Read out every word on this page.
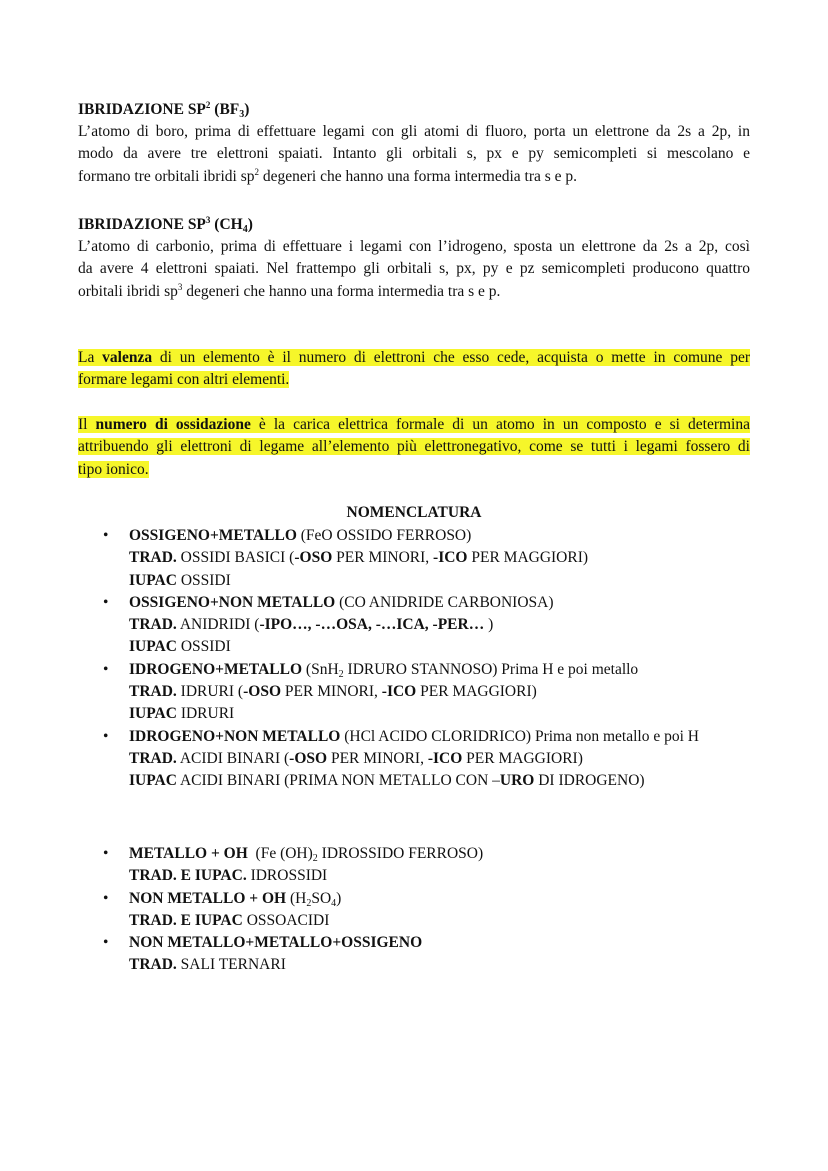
IBRIDAZIONE $SP^2$ $(BF_3)$
L’atomo di boro, prima di effettuare legami con gli atomi di fluoro, porta un elettrone da 2s a 2p, in
modo da avere tre elettroni spaiati. Intanto gli orbitali s, px e py semicompleti si mescolano e
formano tre orbitali ibridi $sp^2$ degeneri che hanno una forma intermedia tra s e p.
IBRIDAZIONE $SP^3$ $(CH_4)$
L’atomo di carbonio, prima di effettuare i legami con l’idrogeno, sposta un elettrone da 2s a 2p, così
da avere 4 elettroni spaiati. Nel frattempo gli orbitali s, px, py e pz semicompleti producono quattro
orbitali ibridi $sp^3$ degeneri che hanno una forma intermedia tra s e p.
La valenza di un elemento è il numero di elettroni che esso cede, acquista o mette in comune per
formare legami con altri elementi.
Il numero di ossidazione è la carica elettrica formale di un atomo in un composto e si determina
attribuendo gli elettroni di legame all’elemento più elettronegativo, come se tutti i legami fossero di
tipo ionico.
NOMENCLATURA
• OSSIGENO+METALLO (FeO OSSIDO FERROSO)
TRAD. OSSIDI BASICI (-OSO PER MINORI, -ICO PER MAGGIORI)
IUPAC OSSIDI
• OSSIGENO+NON METALLO (CO ANIDRIDE CARBONIOSA)
TRAD. ANIDRIDI (-IPO…, -…OSA, -…ICA, -PER… )
IUPAC OSSIDI
• IDROGENO+METALLO (SnH$_2$ IDRURO STANNOSO) Prima H e poi metallo
TRAD. IDRURI (-OSO PER MINORI, -ICO PER MAGGIORI)
IUPAC IDRURI
• IDROGENO+NON METALLO (HCl ACIDO CLORIDRICO) Prima non metallo e poi H
TRAD. ACIDI BINARI (-OSO PER MINORI, -ICO PER MAGGIORI)
IUPAC ACIDI BINARI (PRIMA NON METALLO CON –URO DI IDROGENO)
• METALLO + OH  (Fe $(OH)_2$ IDROSSIDO FERROSO)
TRAD. E IUPAC. IDROSSIDI
• NON METALLO + OH $(H_2SO_4)$
TRAD. E IUPAC OSSOACIDI
• NON METALLO+METALLO+OSSIGENO
TRAD. SALI TERNARI
